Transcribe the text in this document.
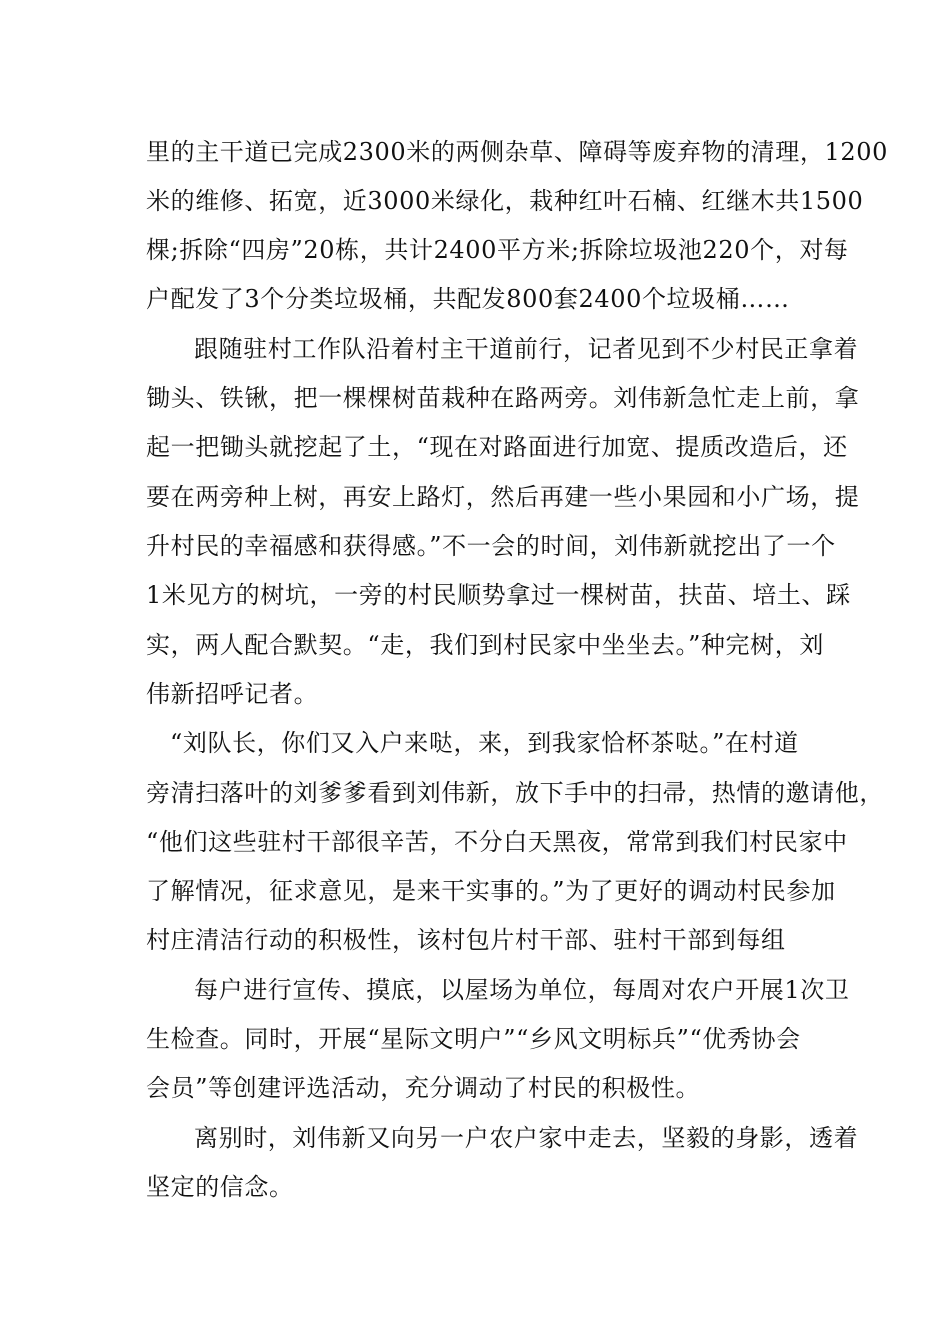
里的主干道已完成2300米的两侧杂草、障碍等废弃物的清理，1200
米的维修、拓宽，近3000米绿化，栽种红叶石楠、红继木共1500
棵;拆除“四房”20栋，共计2400平方米;拆除垃圾池220个，对每
户配发了3个分类垃圾桶，共配发800套2400个垃圾桶……
跟随驻村工作队沿着村主干道前行，记者见到不少村民正拿着
锄头、铁锹，把一棵棵树苗栽种在路两旁。刘伟新急忙走上前，拿
起一把锄头就挖起了土，“现在对路面进行加宽、提质改造后，还
要在两旁种上树，再安上路灯，然后再建一些小果园和小广场，提
升村民的幸福感和获得感。”不一会的时间，刘伟新就挖出了一个
1米见方的树坑，一旁的村民顺势拿过一棵树苗，扶苗、培土、踩
实，两人配合默契。“走，我们到村民家中坐坐去。”种完树，刘
伟新招呼记者。
“刘队长，你们又入户来哒，来，到我家恰杯茶哒。”在村道
旁清扫落叶的刘爹爹看到刘伟新，放下手中的扫帚，热情的邀请他，
“他们这些驻村干部很辛苦，不分白天黑夜，常常到我们村民家中
了解情况，征求意见，是来干实事的。”为了更好的调动村民参加
村庄清洁行动的积极性，该村包片村干部、驻村干部到每组
每户进行宣传、摸底，以屋场为单位，每周对农户开展1次卫
生检查。同时，开展“星际文明户”“乡风文明标兵”“优秀协会
会员”等创建评选活动，充分调动了村民的积极性。
离别时，刘伟新又向另一户农户家中走去，坚毅的身影，透着
坚定的信念。
